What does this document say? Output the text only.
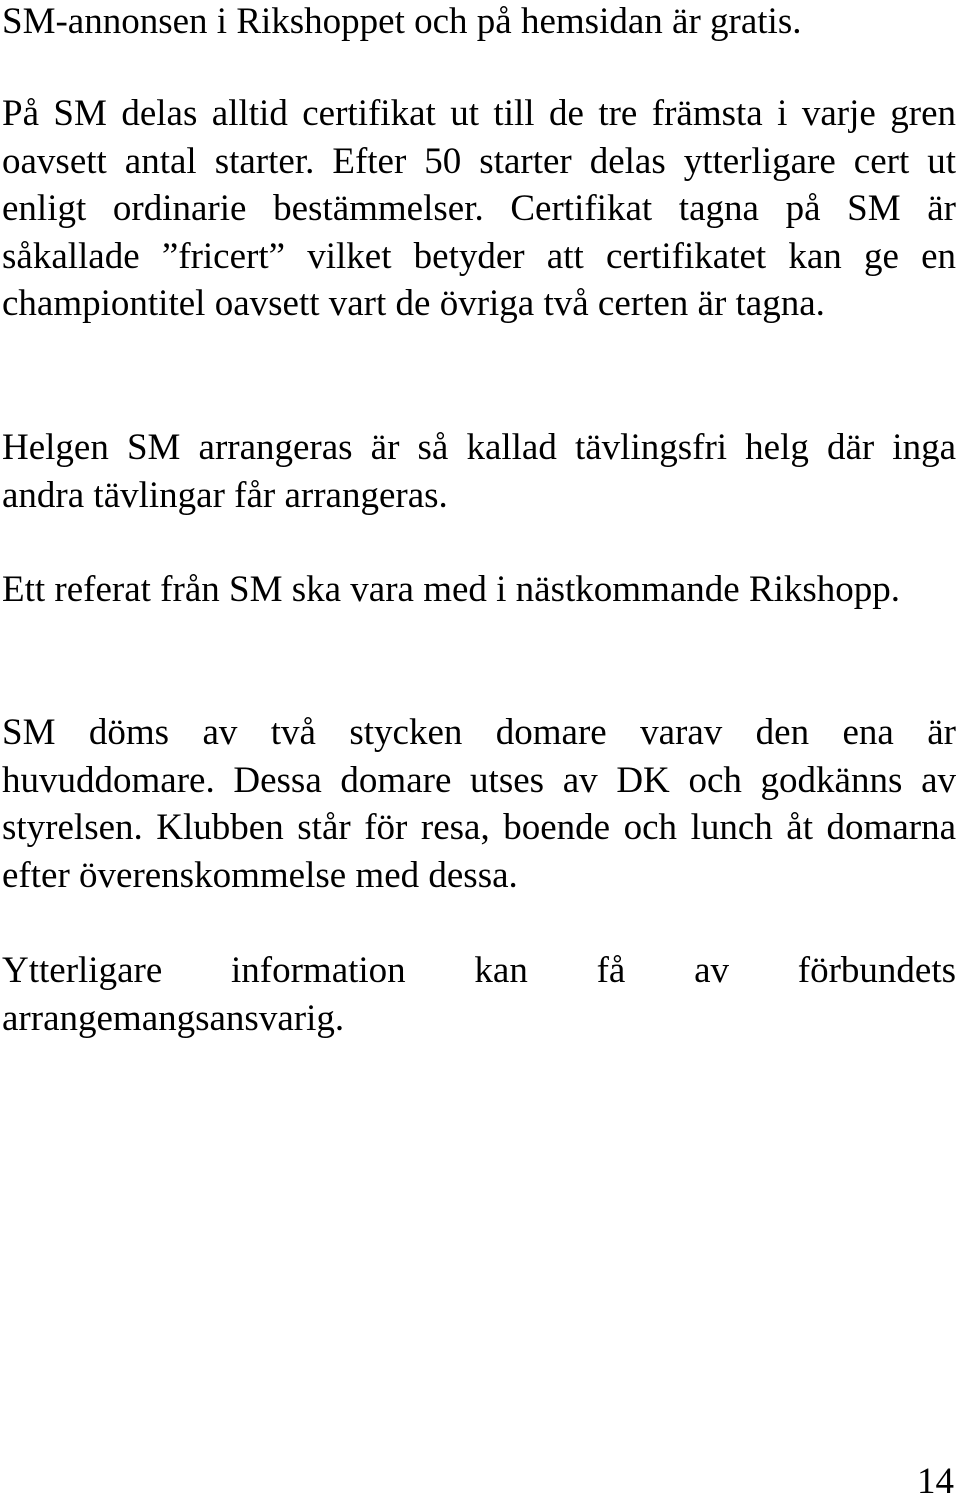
SM-annonsen i Rikshoppet och på hemsidan är gratis.

På SM delas alltid certifikat ut till de tre främsta i varje gren oavsett antal starter. Efter 50 starter delas ytterligare cert ut enligt ordinarie bestämmelser. Certifikat tagna på SM är såkallade ”fricert” vilket betyder att certifikatet kan ge en championtitel oavsett vart de övriga två certen är tagna.

Helgen SM arrangeras är så kallad tävlingsfri helg där inga andra tävlingar får arrangeras.

Ett referat från SM ska vara med i nästkommande Rikshopp.

SM döms av två stycken domare varav den ena är huvuddomare. Dessa domare utses av DK och godkänns av styrelsen. Klubben står för resa, boende och lunch åt domarna efter överenskommelse med dessa.

Ytterligare information kan få av förbundets arrangemangsansvarig.

14
